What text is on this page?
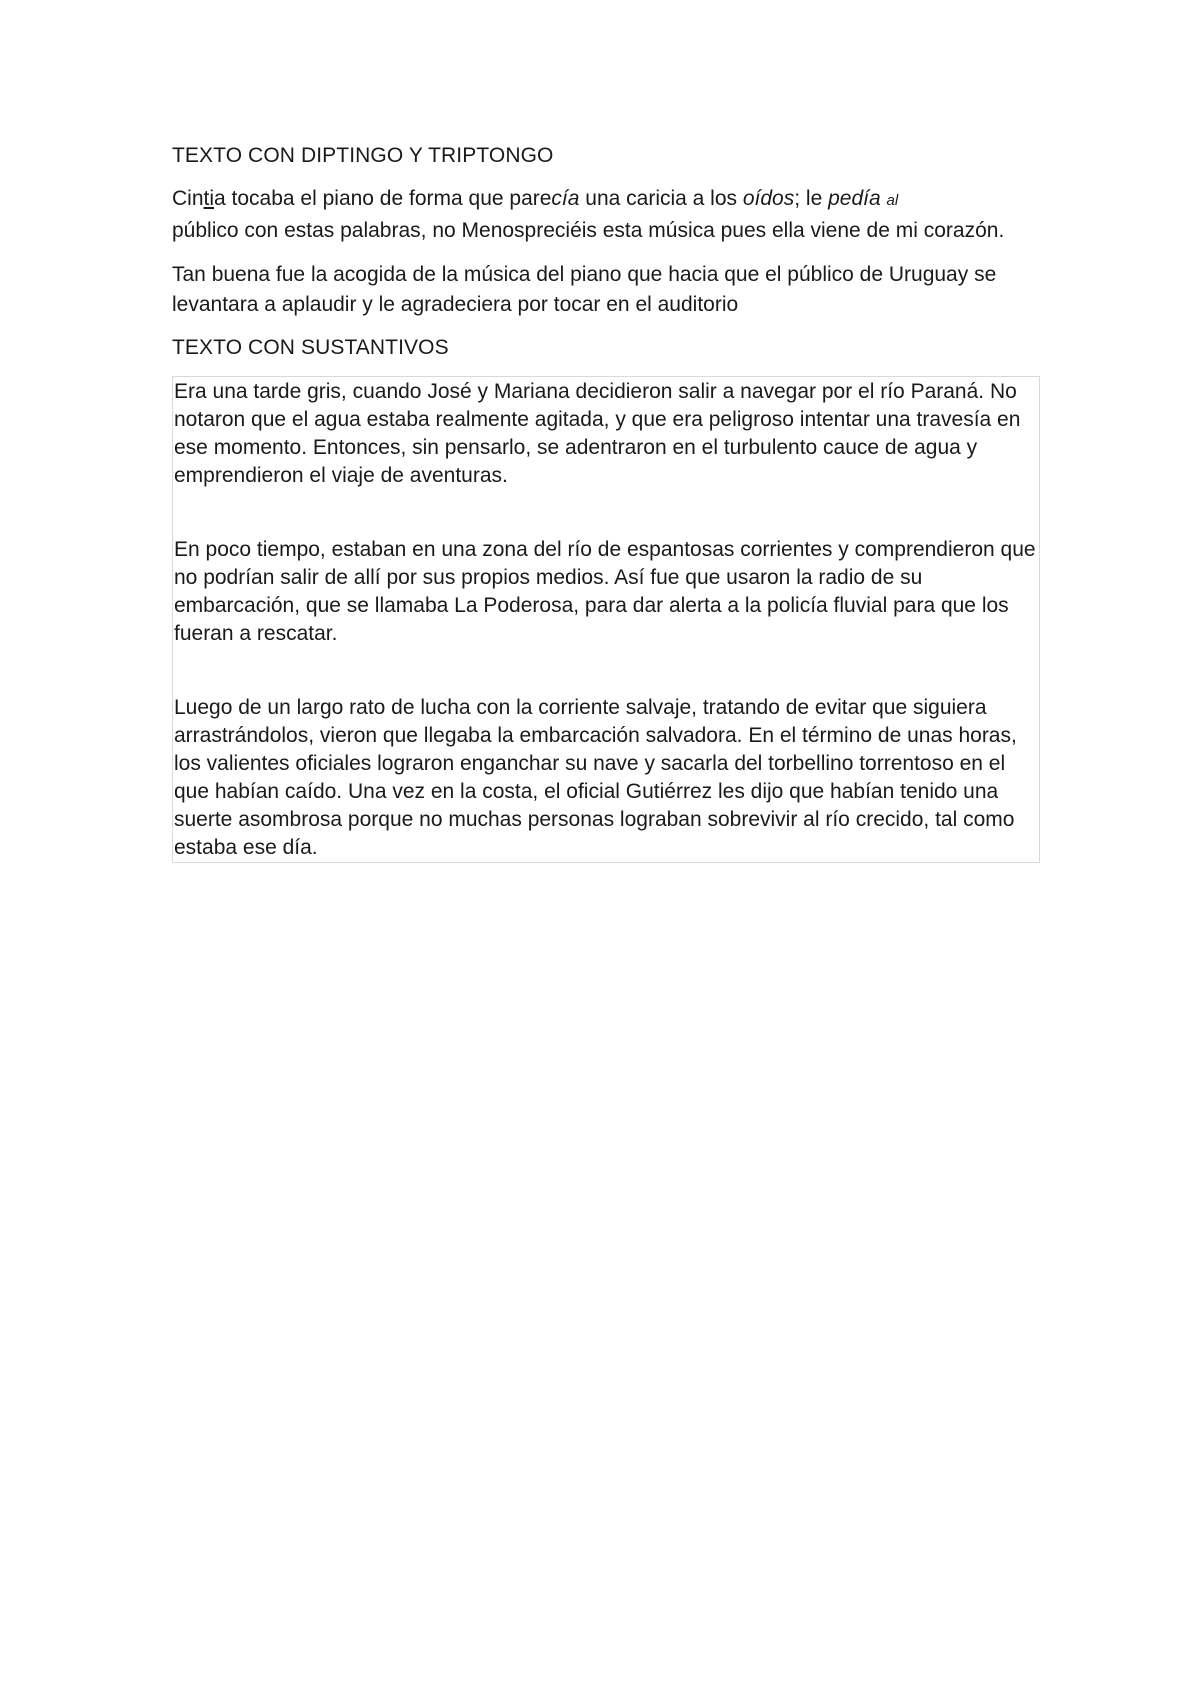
TEXTO CON DIPTINGO Y TRIPTONGO

Cintia tocaba el piano de forma que parecía una caricia a los oídos; le pedía al
público con estas palabras, no Menospreciéis esta música pues ella viene de mi corazón.

Tan buena fue la acogida de la música del piano que hacia que el público de Uruguay se levantara a aplaudir y le agradeciera por tocar en el auditorio

TEXTO CON SUSTANTIVOS

Era una tarde gris, cuando José y Mariana decidieron salir a navegar por el río Paraná. No notaron que el agua estaba realmente agitada, y que era peligroso intentar una travesía en ese momento. Entonces, sin pensarlo, se adentraron en el turbulento cauce de agua y emprendieron el viaje de aventuras.

En poco tiempo, estaban en una zona del río de espantosas corrientes y comprendieron que no podrían salir de allí por sus propios medios. Así fue que usaron la radio de su embarcación, que se llamaba La Poderosa, para dar alerta a la policía fluvial para que los fueran a rescatar.

Luego de un largo rato de lucha con la corriente salvaje, tratando de evitar que siguiera arrastrándolos, vieron que llegaba la embarcación salvadora. En el término de unas horas, los valientes oficiales lograron enganchar su nave y sacarla del torbellino torrentoso en el que habían caído. Una vez en la costa, el oficial Gutiérrez les dijo que habían tenido una suerte asombrosa porque no muchas personas lograban sobrevivir al río crecido, tal como estaba ese día.
